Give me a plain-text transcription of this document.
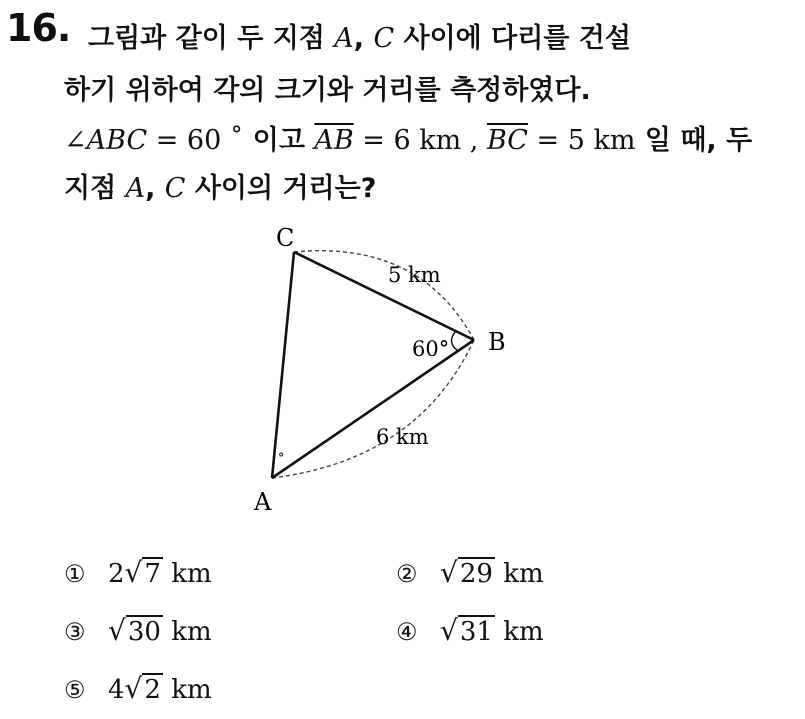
16. 그림과 같이 두 지점 A, C 사이에 다리를 건설
하기 위하여 각의 크기와 거리를 측정하였다.
∠ABC = 60 ˚ 이고 $\overline{AB} = 6$ km , $\overline{BC} = 5$ km 일 때, 두
지점 A, C 사이의 거리는?
C
B
A
5 km
6 km
60°
°
① 2√7 km	② √29 km
③ √30 km	④ √31 km
⑤ 4√2 km
